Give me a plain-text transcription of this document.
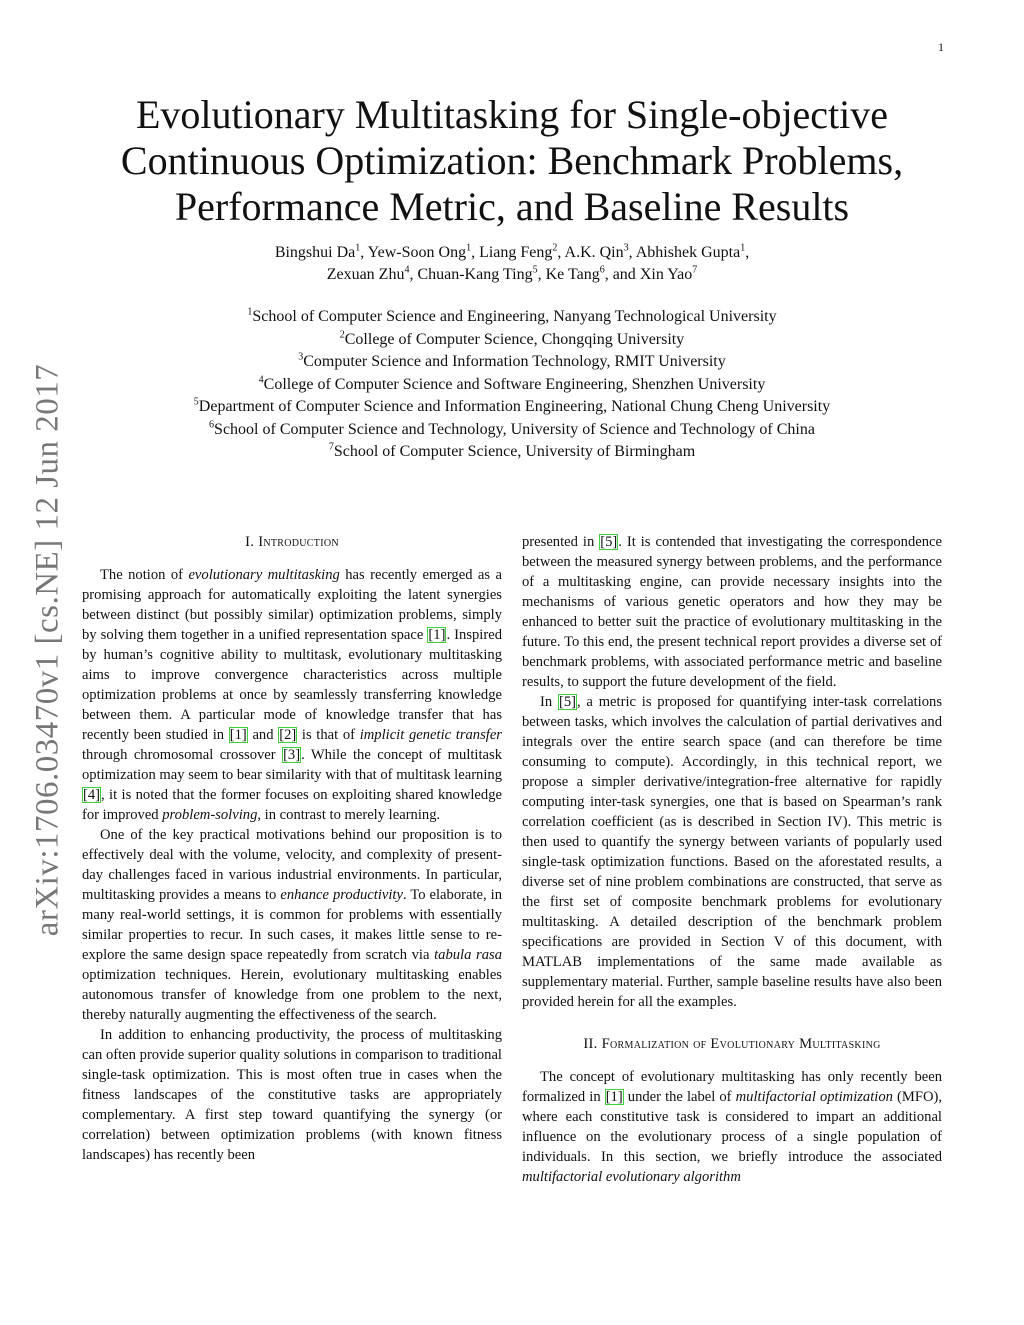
1
arXiv:1706.03470v1 [cs.NE] 12 Jun 2017
Evolutionary Multitasking for Single-objective
Continuous Optimization: Benchmark Problems,
Performance Metric, and Baseline Results
Bingshui Da$^1$, Yew-Soon Ong$^1$, Liang Feng$^2$, A.K. Qin$^3$, Abhishek Gupta$^1$,
Zexuan Zhu$^4$, Chuan-Kang Ting$^5$, Ke Tang$^6$, and Xin Yao$^7$
$^1$School of Computer Science and Engineering, Nanyang Technological University
$^2$College of Computer Science, Chongqing University
$^3$Computer Science and Information Technology, RMIT University
$^4$College of Computer Science and Software Engineering, Shenzhen University
$^5$Department of Computer Science and Information Engineering, National Chung Cheng University
$^6$School of Computer Science and Technology, University of Science and Technology of China
$^7$School of Computer Science, University of Birmingham
I. Introduction

The notion of evolutionary multitasking has recently emerged as a promising approach for automatically exploiting the latent synergies between distinct (but possibly similar) optimization problems, simply by solving them together in a unified representation space [1]. Inspired by human’s cognitive ability to multitask, evolutionary multitasking aims to improve convergence characteristics across multiple optimization problems at once by seamlessly transferring knowledge between them. A particular mode of knowledge transfer that has recently been studied in [1] and [2] is that of implicit genetic transfer through chromosomal crossover [3]. While the concept of multitask optimization may seem to bear similarity with that of multitask learning [4], it is noted that the former focuses on exploiting shared knowledge for improved problem-solving, in contrast to merely learning.

One of the key practical motivations behind our proposition is to effectively deal with the volume, velocity, and complexity of present-day challenges faced in various industrial environments. In particular, multitasking provides a means to enhance productivity. To elaborate, in many real-world settings, it is common for problems with essentially similar properties to recur. In such cases, it makes little sense to re-explore the same design space repeatedly from scratch via tabula rasa optimization techniques. Herein, evolutionary multitasking enables autonomous transfer of knowledge from one problem to the next, thereby naturally augmenting the effectiveness of the search.

In addition to enhancing productivity, the process of multitasking can often provide superior quality solutions in comparison to traditional single-task optimization. This is most often true in cases when the fitness landscapes of the constitutive tasks are appropriately complementary. A first step toward quantifying the synergy (or correlation) between optimization problems (with known fitness landscapes) has recently been

presented in [5]. It is contended that investigating the correspondence between the measured synergy between problems, and the performance of a multitasking engine, can provide necessary insights into the mechanisms of various genetic operators and how they may be enhanced to better suit the practice of evolutionary multitasking in the future. To this end, the present technical report provides a diverse set of benchmark problems, with associated performance metric and baseline results, to support the future development of the field.

In [5], a metric is proposed for quantifying inter-task correlations between tasks, which involves the calculation of partial derivatives and integrals over the entire search space (and can therefore be time consuming to compute). Accordingly, in this technical report, we propose a simpler derivative/integration-free alternative for rapidly computing inter-task synergies, one that is based on Spearman’s rank correlation coefficient (as is described in Section IV). This metric is then used to quantify the synergy between variants of popularly used single-task optimization functions. Based on the aforestated results, a diverse set of nine problem combinations are constructed, that serve as the first set of composite benchmark problems for evolutionary multitasking. A detailed description of the benchmark problem specifications are provided in Section V of this document, with MATLAB implementations of the same made available as supplementary material. Further, sample baseline results have also been provided herein for all the examples.

II. Formalization of Evolutionary Multitasking

The concept of evolutionary multitasking has only recently been formalized in [1] under the label of multifactorial optimization (MFO), where each constitutive task is considered to impart an additional influence on the evolutionary process of a single population of individuals. In this section, we briefly introduce the associated multifactorial evolutionary algorithm
